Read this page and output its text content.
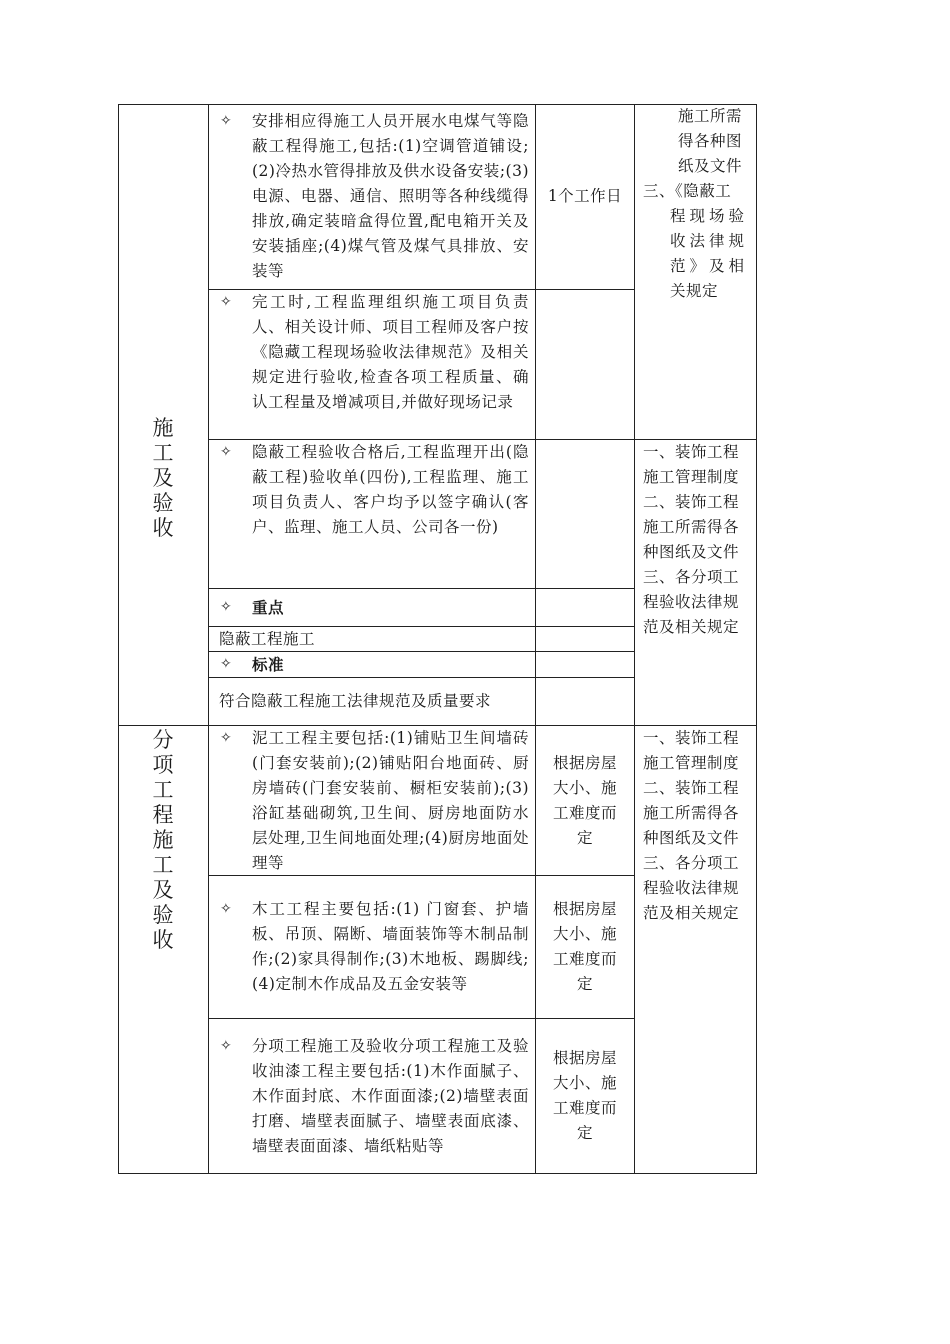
施
工
及
验
收
✧ 安排相应得施工人员开展水电煤气等隐蔽工程得施工,包括:(1)空调管道铺设;(2)冷热水管得排放及供水设备安装;(3)电源、电器、通信、照明等各种线缆得排放,确定装暗盒得位置,配电箱开关及安装插座;(4)煤气管及煤气具排放、安装等
1个工作日
✧ 完工时,工程监理组织施工项目负责人、相关设计师、项目工程师及客户按《隐藏工程现场验收法律规范》及相关规定进行验收,检查各项工程质量、确认工程量及增减项目,并做好现场记录
✧ 隐蔽工程验收合格后,工程监理开出(隐蔽工程)验收单(四份),工程监理、施工项目负责人、客户均予以签字确认(客户、监理、施工人员、公司各一份)
✧ 重点
隐蔽工程施工
✧ 标准
符合隐蔽工程施工法律规范及质量要求
施工所需
得各种图
纸及文件
三、《隐蔽工
程现场验
收法律规
范》及相
关规定
一、装饰工程
施工管理制度
二、装饰工程
施工所需得各
种图纸及文件
三、各分项工
程验收法律规
范及相关规定
分
项
工
程
施
工
及
验
收
✧ 泥工工程主要包括:(1)铺贴卫生间墙砖(门套安装前);(2)铺贴阳台地面砖、厨房墙砖(门套安装前、橱柜安装前);(3)浴缸基础砌筑,卫生间、厨房地面防水层处理,卫生间地面处理;(4)厨房地面处理等
根据房屋
大小、施
工难度而
定
✧ 木工工程主要包括:(1) 门窗套、护墙板、吊顶、隔断、墙面装饰等木制品制作;(2)家具得制作;(3)木地板、踢脚线;(4)定制木作成品及五金安装等
根据房屋
大小、施
工难度而
定
✧ 分项工程施工及验收分项工程施工及验收油漆工程主要包括:(1)木作面腻子、木作面封底、木作面面漆;(2)墙壁表面打磨、墙壁表面腻子、墙壁表面底漆、墙壁表面面漆、墙纸粘贴等
根据房屋
大小、施
工难度而
定
一、装饰工程
施工管理制度
二、装饰工程
施工所需得各
种图纸及文件
三、各分项工
程验收法律规
范及相关规定
